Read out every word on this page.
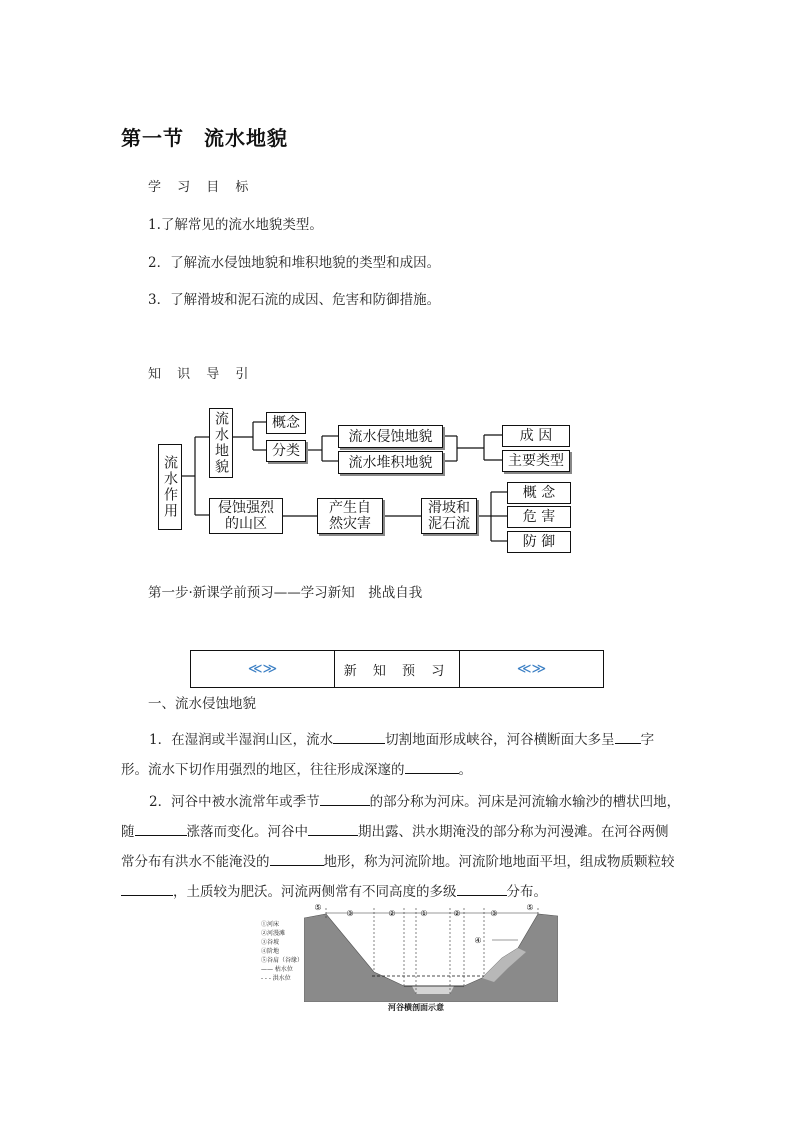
第一节 流水地貌
学 习 目 标
1.了解常见的流水地貌类型。
2．了解流水侵蚀地貌和堆积地貌的类型和成因。
3．了解滑坡和泥石流的成因、危害和防御措施。
知 识 导 引
流水作用
流水地貌	概念
分类
流水侵蚀地貌
流水堆积地貌
成 因
主要类型
侵蚀强烈的山区
产生自然灾害
滑坡和泥石流
概 念
危 害
防 御
第一步·新课学前预习——学习新知　挑战自我
≪≫	新 知 预 习	≪≫
一、流水侵蚀地貌
1．在湿润或半湿润山区，流水	切割地面形成峡谷，河谷横断面大多呈 字形。流水下切作用强烈的地区，往往形成深邃的	。
2．河谷中被水流常年或季节	的部分称为河床。河床是河流输水输沙的槽状凹地，随	涨落而变化。河谷中	期出露、洪水期淹没的部分称为河漫滩。在河谷两侧常分布有洪水不能淹没的	地形，称为河流阶地。河流阶地地面平坦，组成物质颗粒较，土质较为肥沃。河流两侧常有不同高度的多级	分布。
①河床
②河漫滩
③谷坡
④阶地
⑤谷肩（谷缘）
—— 枯水位
- - - 洪水位
⑤
③	②	①	②	③
⑤
④
河谷横剖面示意
